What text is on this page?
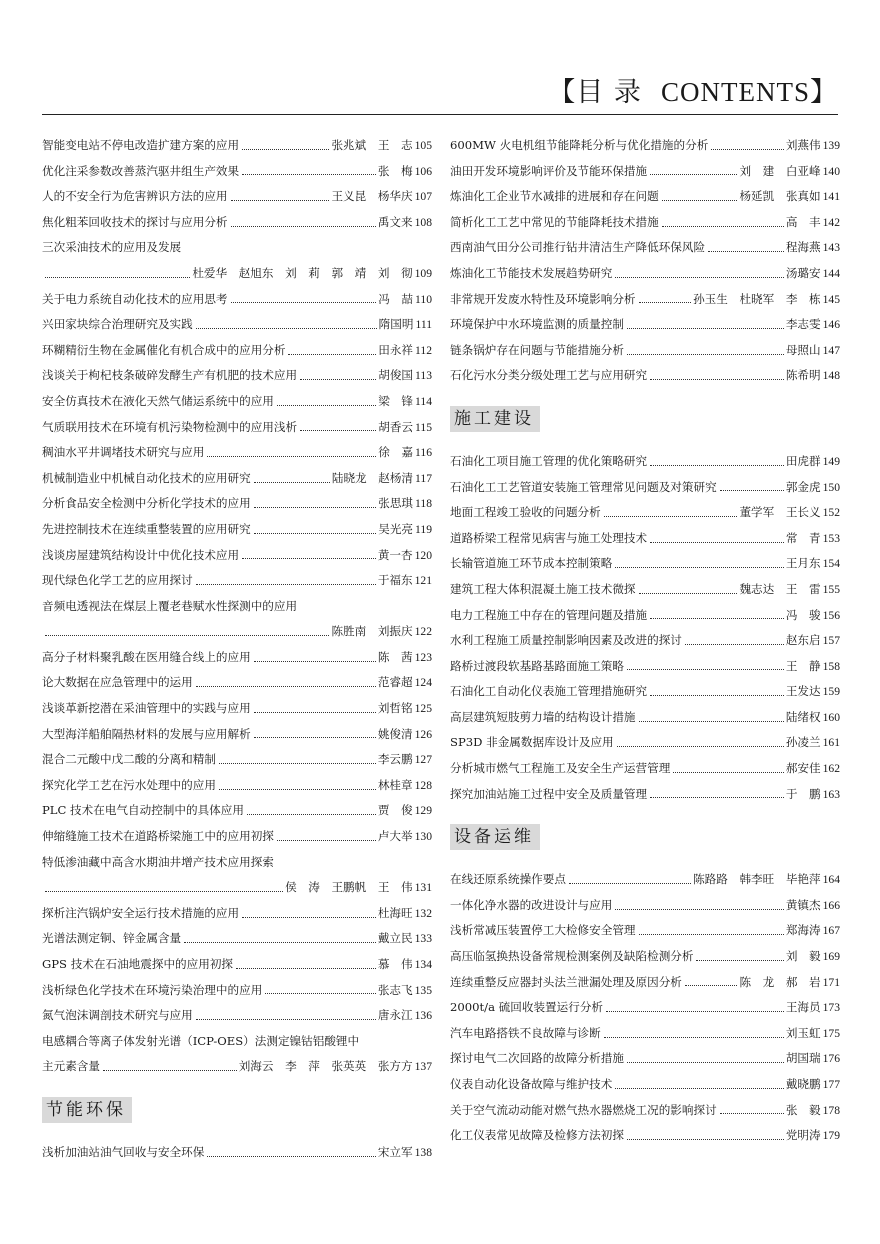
【目 录 CONTENTS】
智能变电站不停电改造扩建方案的应用	张兆斌　王　志 105
优化注采参数改善蒸汽驱井组生产效果	张　梅 106
人的不安全行为危害辨识方法的应用	王义昆　杨华庆 107
焦化粗苯回收技术的探讨与应用分析	禹文来 108
三次采油技术的应用及发展
杜爱华　赵旭东　刘　莉　郭　靖　刘　彻 109
关于电力系统自动化技术的应用思考	冯　喆 110
兴田家块综合治理研究及实践	隋国明 111
环糊精衍生物在金属催化有机合成中的应用分析	田永祥 112
浅谈关于枸杞枝条破碎发酵生产有机肥的技术应用	胡俊国 113
安全仿真技术在液化天然气储运系统中的应用	梁　锋 114
气质联用技术在环境有机污染物检测中的应用浅析	胡香云 115
稠油水平井调堵技术研究与应用	徐　嘉 116
机械制造业中机械自动化技术的应用研究	陆晓龙　赵杨清 117
分析食品安全检测中分析化学技术的应用	张思琪 118
先进控制技术在连续重整装置的应用研究	吴光亮 119
浅谈房屋建筑结构设计中优化技术应用	黄一杏 120
现代绿色化学工艺的应用探讨	于福东 121
音频电透视法在煤层上覆老巷赋水性探测中的应用
陈胜南　刘振庆 122
高分子材料聚乳酸在医用缝合线上的应用	陈　茜 123
论大数据在应急管理中的运用	范睿超 124
浅谈革新挖潜在采油管理中的实践与应用	刘哲铭 125
大型海洋船舶隔热材料的发展与应用解析	姚俊清 126
混合二元酸中戊二酸的分离和精制	李云鹏 127
探究化学工艺在污水处理中的应用	林桂章 128
PLC 技术在电气自动控制中的具体应用	贾　俊 129
伸缩缝施工技术在道路桥梁施工中的应用初探	卢大举 130
特低渗油藏中高含水期油井增产技术应用探索
侯　涛　王鹏帆　王　伟 131
探析注汽锅炉安全运行技术措施的应用	杜海旺 132
光谱法测定铜、锌金属含量	戴立民 133
GPS 技术在石油地震探中的应用初探	慕　伟 134
浅析绿色化学技术在环境污染治理中的应用	张志飞 135
氮气泡沫调剖技术研究与应用	唐永江 136
电感耦合等离子体发射光谱（ICP-OES）法测定镍钴铝酸锂中
主元素含量	刘海云　李　萍　张英英　张方方 137
节能环保
浅析加油站油气回收与安全环保	宋立军 138
600MW 火电机组节能降耗分析与优化措施的分析	刘燕伟 139
油田开发环境影响评价及节能环保措施	刘　建　白亚峰 140
炼油化工企业节水减排的进展和存在问题	杨延凯　张真如 141
简析化工工艺中常见的节能降耗技术措施	高　丰 142
西南油气田分公司推行钻井清洁生产降低环保风险	程海燕 143
炼油化工节能技术发展趋势研究	汤璐安 144
非常规开发废水特性及环境影响分析	孙玉生　杜晓军　李　栋 145
环境保护中水环境监测的质量控制	李志雯 146
链条锅炉存在问题与节能措施分析	母照山 147
石化污水分类分级处理工艺与应用研究	陈希明 148
施工建设
石油化工项目施工管理的优化策略研究	田虎群 149
石油化工工艺管道安装施工管理常见问题及对策研究	郭金虎 150
地面工程竣工验收的问题分析	董学军　王长义 152
道路桥梁工程常见病害与施工处理技术	常　青 153
长输管道施工环节成本控制策略	王月东 154
建筑工程大体积混凝土施工技术微探	魏志达　王　雷 155
电力工程施工中存在的管理问题及措施	冯　骏 156
水利工程施工质量控制影响因素及改进的探讨	赵东启 157
路桥过渡段软基路基路面施工策略	王　静 158
石油化工自动化仪表施工管理措施研究	王发达 159
高层建筑短肢剪力墙的结构设计措施	陆绪权 160
SP3D 非金属数据库设计及应用	孙凌兰 161
分析城市燃气工程施工及安全生产运营管理	郝安佳 162
探究加油站施工过程中安全及质量管理	于　鹏 163
设备运维
在线还原系统操作要点	陈路路　韩李旺　毕艳萍 164
一体化净水器的改进设计与应用	黄镇杰 166
浅析常减压装置停工大检修安全管理	郑海涛 167
高压临氢换热设备常规检测案例及缺陷检测分析	刘　毅 169
连续重整反应器封头法兰泄漏处理及原因分析	陈　龙　郝　岩 171
2000t/a 硫回收装置运行分析	王海员 173
汽车电路搭铁不良故障与诊断	刘玉虹 175
探讨电气二次回路的故障分析措施	胡国瑞 176
仪表自动化设备故障与维护技术	戴晓鹏 177
关于空气流动动能对燃气热水器燃烧工况的影响探讨	张　毅 178
化工仪表常见故障及检修方法初探	党明涛 179
